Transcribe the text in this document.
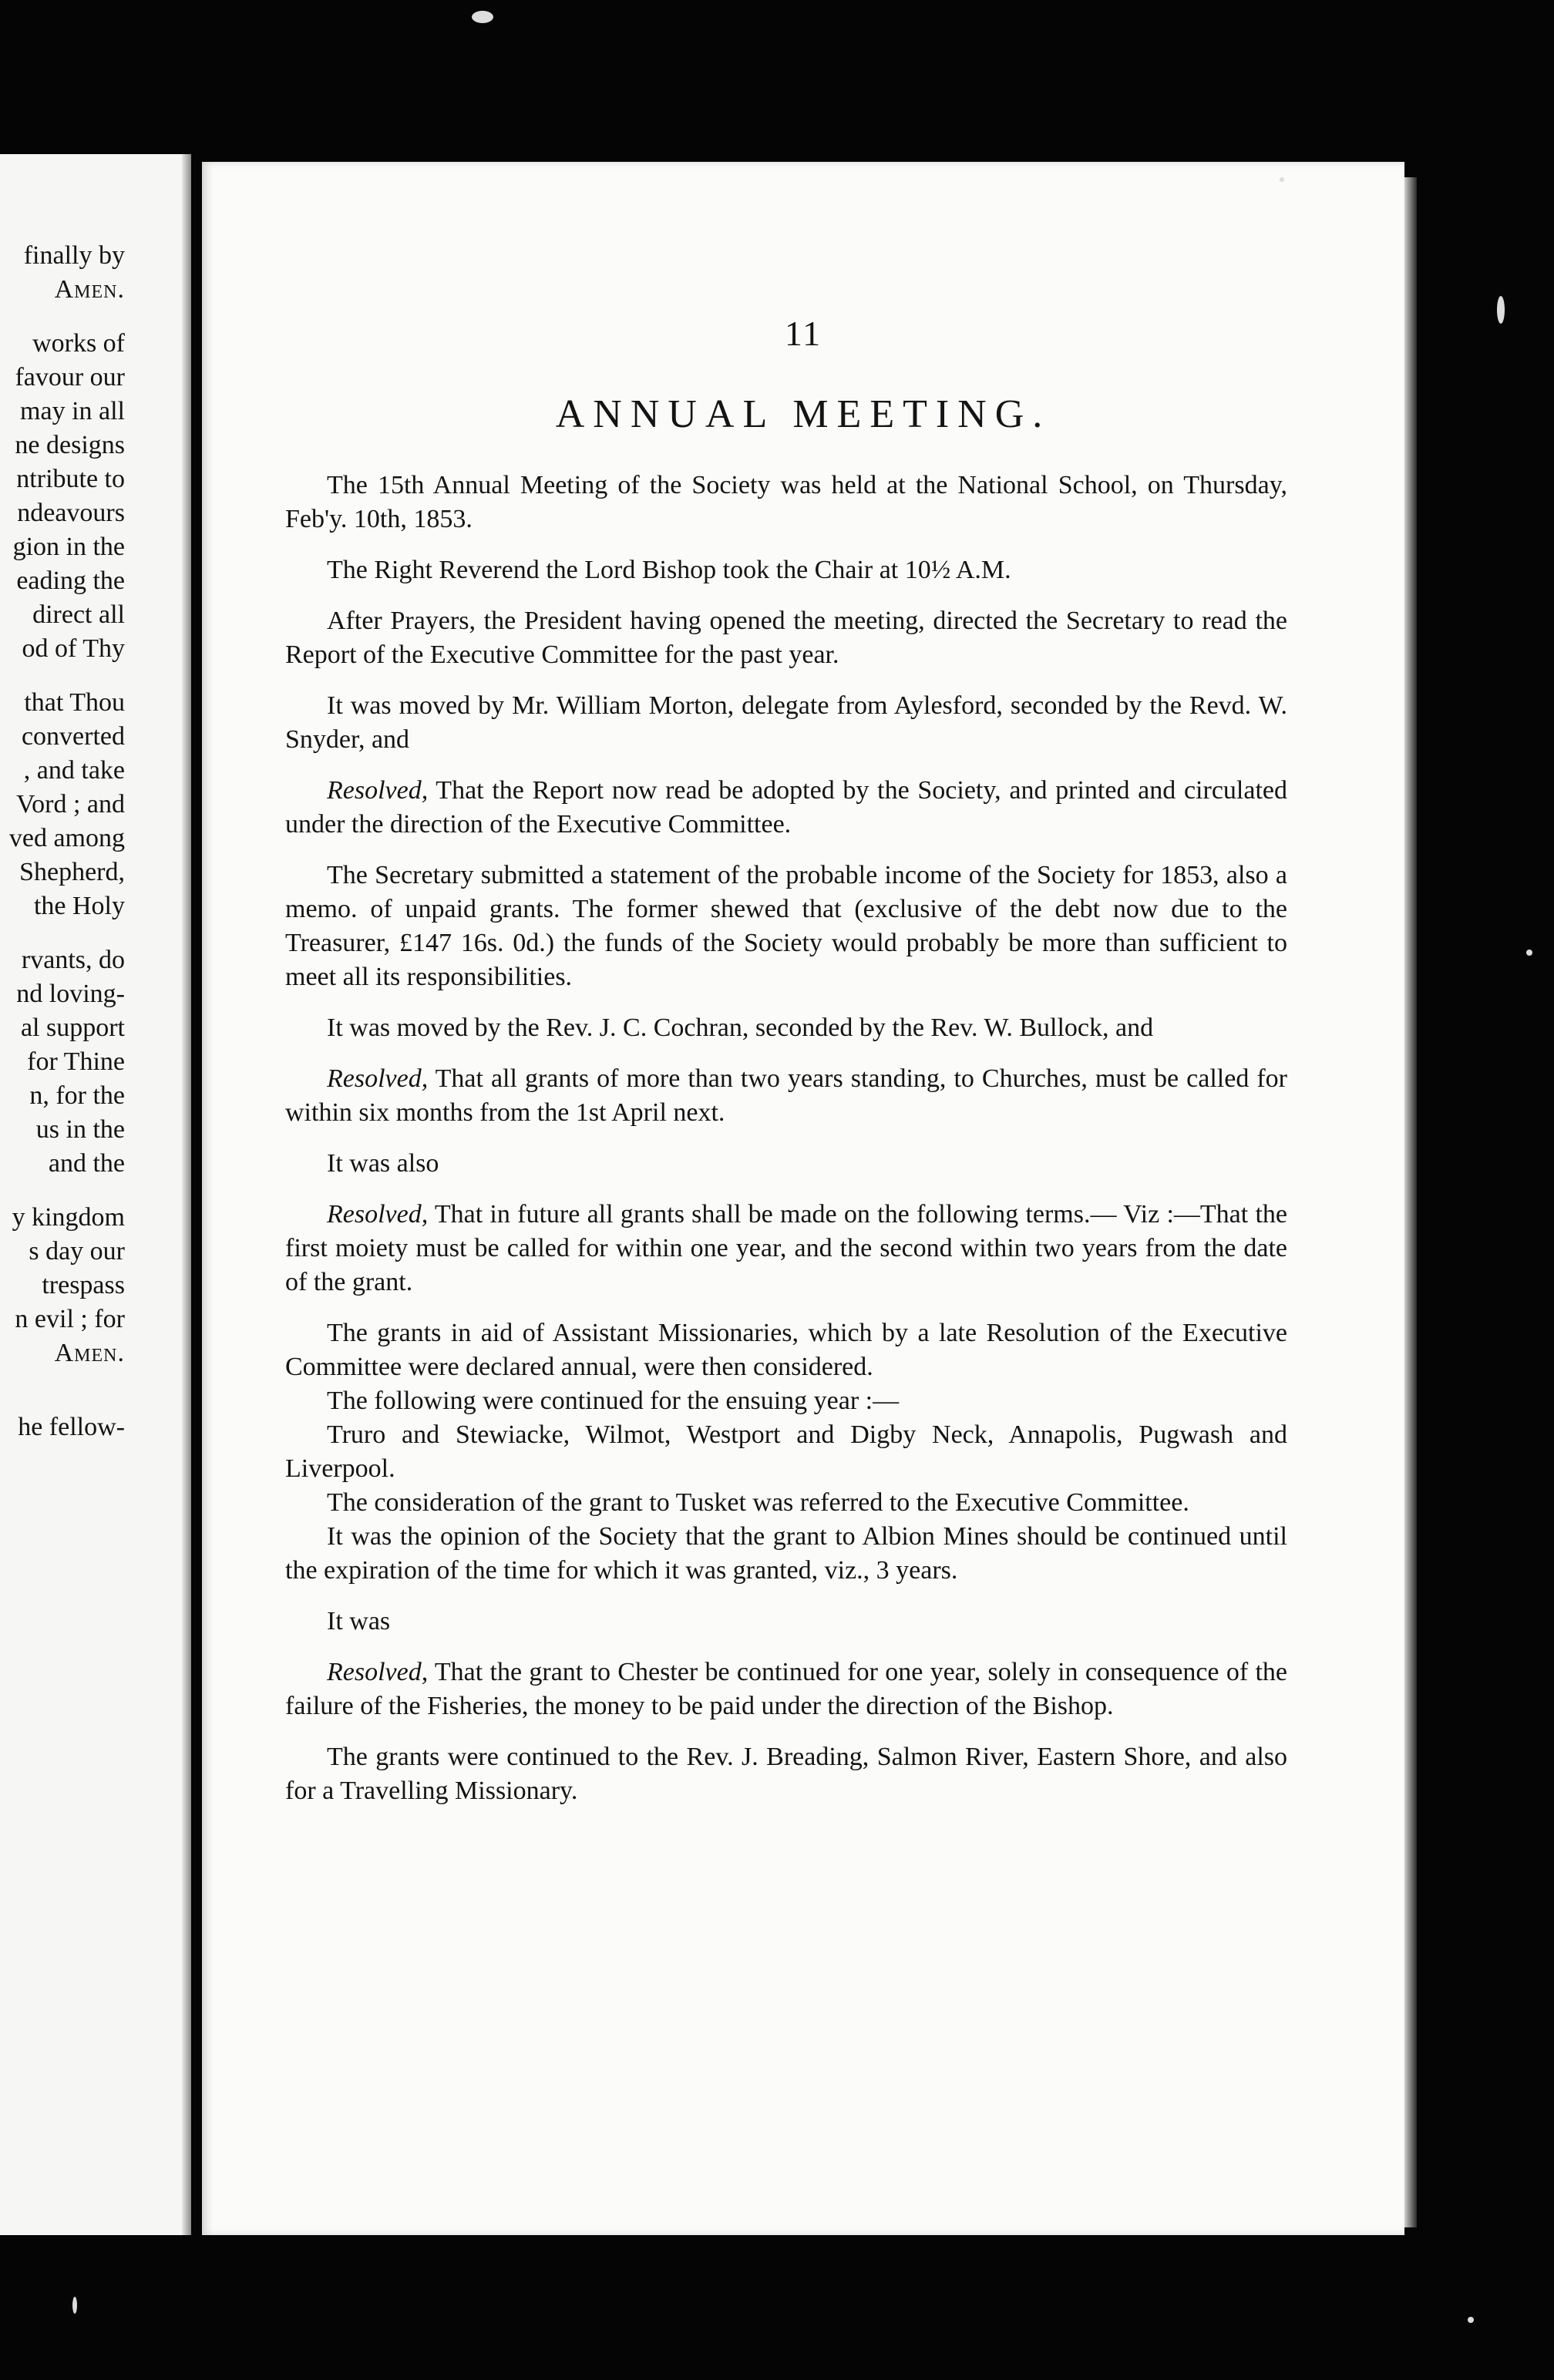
finally by
Amen.
works of
favour our
may in all
ne designs
ntribute to
ndeavours
gion in the
eading the
direct all
od of Thy
that Thou
converted
, and take
Vord ; and
ved among
Shepherd,
the Holy
rvants, do
nd loving-
al support
for Thine
n, for the
us in the
and the
y kingdom
s day our
trespass
n evil ; for
Amen.
he fellow-
11
ANNUAL MEETING.

The 15th Annual Meeting of the Society was held at the National School, on Thursday, Feb'y. 10th, 1853.

The Right Reverend the Lord Bishop took the Chair at 10½ A.M.

After Prayers, the President having opened the meeting, directed the Secretary to read the Report of the Executive Committee for the past year.

It was moved by Mr. William Morton, delegate from Aylesford, seconded by the Revd. W. Snyder, and

Resolved, That the Report now read be adopted by the Society, and printed and circulated under the direction of the Executive Committee.

The Secretary submitted a statement of the probable income of the Society for 1853, also a memo. of unpaid grants. The former shewed that (exclusive of the debt now due to the Treasurer, £147 16s. 0d.) the funds of the Society would probably be more than sufficient to meet all its responsibilities.

It was moved by the Rev. J. C. Cochran, seconded by the Rev. W. Bullock, and

Resolved, That all grants of more than two years standing, to Churches, must be called for within six months from the 1st April next.

It was also

Resolved, That in future all grants shall be made on the following terms.— Viz :—That the first moiety must be called for within one year, and the second within two years from the date of the grant.

The grants in aid of Assistant Missionaries, which by a late Resolution of the Executive Committee were declared annual, were then considered.

The following were continued for the ensuing year :—

Truro and Stewiacke, Wilmot, Westport and Digby Neck, Annapolis, Pugwash and Liverpool.

The consideration of the grant to Tusket was referred to the Executive Committee.

It was the opinion of the Society that the grant to Albion Mines should be continued until the expiration of the time for which it was granted, viz., 3 years.

It was

Resolved, That the grant to Chester be continued for one year, solely in consequence of the failure of the Fisheries, the money to be paid under the direction of the Bishop.

The grants were continued to the Rev. J. Breading, Salmon River, Eastern Shore, and also for a Travelling Missionary.
